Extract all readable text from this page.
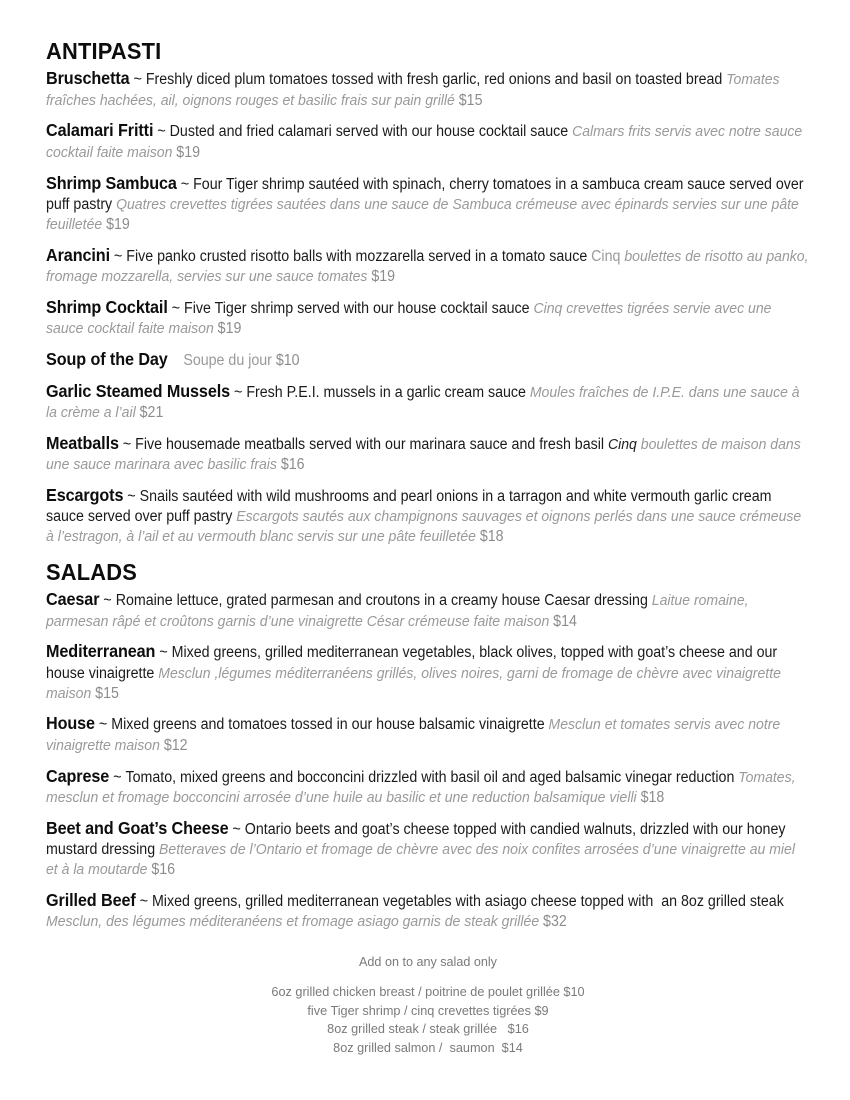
ANTIPASTI
Bruschetta ~ Freshly diced plum tomatoes tossed with fresh garlic, red onions and basil on toasted bread Tomates fraîches hachées, ail, oignons rouges et basilic frais sur pain grillé $15
Calamari Fritti ~ Dusted and fried calamari served with our house cocktail sauce Calmars frits servis avec notre sauce cocktail faite maison $19
Shrimp Sambuca ~ Four Tiger shrimp sautéed with spinach, cherry tomatoes in a sambuca cream sauce served over puff pastry Quatres crevettes tigrées sautées dans une sauce de Sambuca crémeuse avec épinards servies sur une pâte feuilletée $19
Arancini ~ Five panko crusted risotto balls with mozzarella served in a tomato sauce Cinq boulettes de risotto au panko, fromage mozzarella, servies sur une sauce tomates $19
Shrimp Cocktail ~ Five Tiger shrimp served with our house cocktail sauce Cinq crevettes tigrées servie avec une sauce cocktail faite maison $19
Soup of the Day Soupe du jour $10
Garlic Steamed Mussels ~ Fresh P.E.I. mussels in a garlic cream sauce Moules fraîches de I.P.E. dans une sauce à la crème a l’ail $21
Meatballs ~ Five housemade meatballs served with our marinara sauce and fresh basil Cinq boulettes de maison dans une sauce marinara avec basilic frais $16
Escargots ~ Snails sautéed with wild mushrooms and pearl onions in a tarragon and white vermouth garlic cream sauce served over puff pastry Escargots sautés aux champignons sauvages et oignons perlés dans une sauce crémeuse à l’estragon, à l’ail et au vermouth blanc servis sur une pâte feuilletée $18
SALADS
Caesar ~ Romaine lettuce, grated parmesan and croutons in a creamy house Caesar dressing Laitue romaine, parmesan râpé et croûtons garnis d’une vinaigrette César crémeuse faite maison $14
Mediterranean ~ Mixed greens, grilled mediterranean vegetables, black olives, topped with goat’s cheese and our house vinaigrette Mesclun ,légumes méditerranéens grillés, olives noires, garni de fromage de chèvre avec vinaigrette maison $15
House ~ Mixed greens and tomatoes tossed in our house balsamic vinaigrette Mesclun et tomates servis avec notre vinaigrette maison $12
Caprese ~ Tomato, mixed greens and bocconcini drizzled with basil oil and aged balsamic vinegar reduction Tomates, mesclun et fromage bocconcini arrosée d’une huile au basilic et une reduction balsamique vielli $18
Beet and Goat’s Cheese ~ Ontario beets and goat’s cheese topped with candied walnuts, drizzled with our honey mustard dressing Betteraves de l’Ontario et fromage de chèvre avec des noix confites arrosées d’une vinaigrette au miel et à la moutarde $16
Grilled Beef ~ Mixed greens, grilled mediterranean vegetables with asiago cheese topped with  an 8oz grilled steak Mesclun, des légumes méditeranéens et fromage asiago garnis de steak grillée $32
Add on to any salad only
6oz grilled chicken breast / poitrine de poulet grillée $10
five Tiger shrimp / cinq crevettes tigrées $9
8oz grilled steak / steak grillée   $16
8oz grilled salmon /  saumon  $14
